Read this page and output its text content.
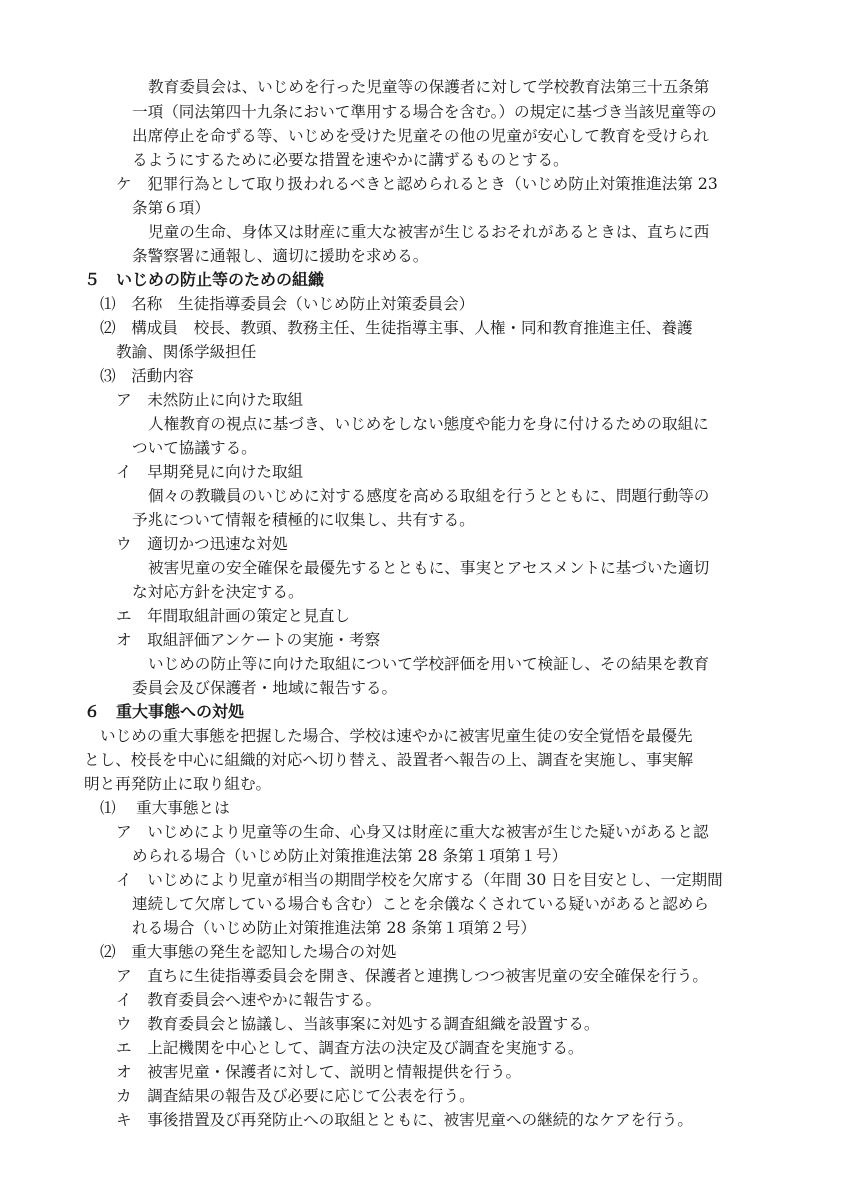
教育委員会は、いじめを行った児童等の保護者に対して学校教育法第三十五条第
一項（同法第四十九条において準用する場合を含む。）の規定に基づき当該児童等の
出席停止を命ずる等、いじめを受けた児童その他の児童が安心して教育を受けられ
るようにするために必要な措置を速やかに講ずるものとする。
ケ　犯罪行為として取り扱われるべきと認められるとき（いじめ防止対策推進法第 23
条第６項）
児童の生命、身体又は財産に重大な被害が生じるおそれがあるときは、直ちに西
条警察署に通報し、適切に援助を求める。
５　いじめの防止等のための組織
⑴　名称　生徒指導委員会（いじめ防止対策委員会）
⑵　構成員　校長、教頭、教務主任、生徒指導主事、人権・同和教育推進主任、養護
教諭、関係学級担任
⑶　活動内容
ア　未然防止に向けた取組
人権教育の視点に基づき、いじめをしない態度や能力を身に付けるための取組に
ついて協議する。
イ　早期発見に向けた取組
個々の教職員のいじめに対する感度を高める取組を行うとともに、問題行動等の
予兆について情報を積極的に収集し、共有する。
ウ　適切かつ迅速な対処
被害児童の安全確保を最優先するとともに、事実とアセスメントに基づいた適切
な対応方針を決定する。
エ　年間取組計画の策定と見直し
オ　取組評価アンケートの実施・考察
いじめの防止等に向けた取組について学校評価を用いて検証し、その結果を教育
委員会及び保護者・地域に報告する。
６　重大事態への対処
いじめの重大事態を把握した場合、学校は速やかに被害児童生徒の安全覚悟を最優先
とし、校長を中心に組織的対応へ切り替え、設置者へ報告の上、調査を実施し、事実解
明と再発防止に取り組む。
⑴　 重大事態とは
ア　いじめにより児童等の生命、心身又は財産に重大な被害が生じた疑いがあると認
められる場合（いじめ防止対策推進法第 28 条第１項第１号）
イ　いじめにより児童が相当の期間学校を欠席する（年間 30 日を目安とし、一定期間
連続して欠席している場合も含む）ことを余儀なくされている疑いがあると認めら
れる場合（いじめ防止対策推進法第 28 条第１項第２号）
⑵　重大事態の発生を認知した場合の対処
ア　直ちに生徒指導委員会を開き、保護者と連携しつつ被害児童の安全確保を行う。
イ　教育委員会へ速やかに報告する。
ウ　教育委員会と協議し、当該事案に対処する調査組織を設置する。
エ　上記機関を中心として、調査方法の決定及び調査を実施する。
オ　被害児童・保護者に対して、説明と情報提供を行う。
カ　調査結果の報告及び必要に応じて公表を行う。
キ　事後措置及び再発防止への取組とともに、被害児童への継続的なケアを行う。
